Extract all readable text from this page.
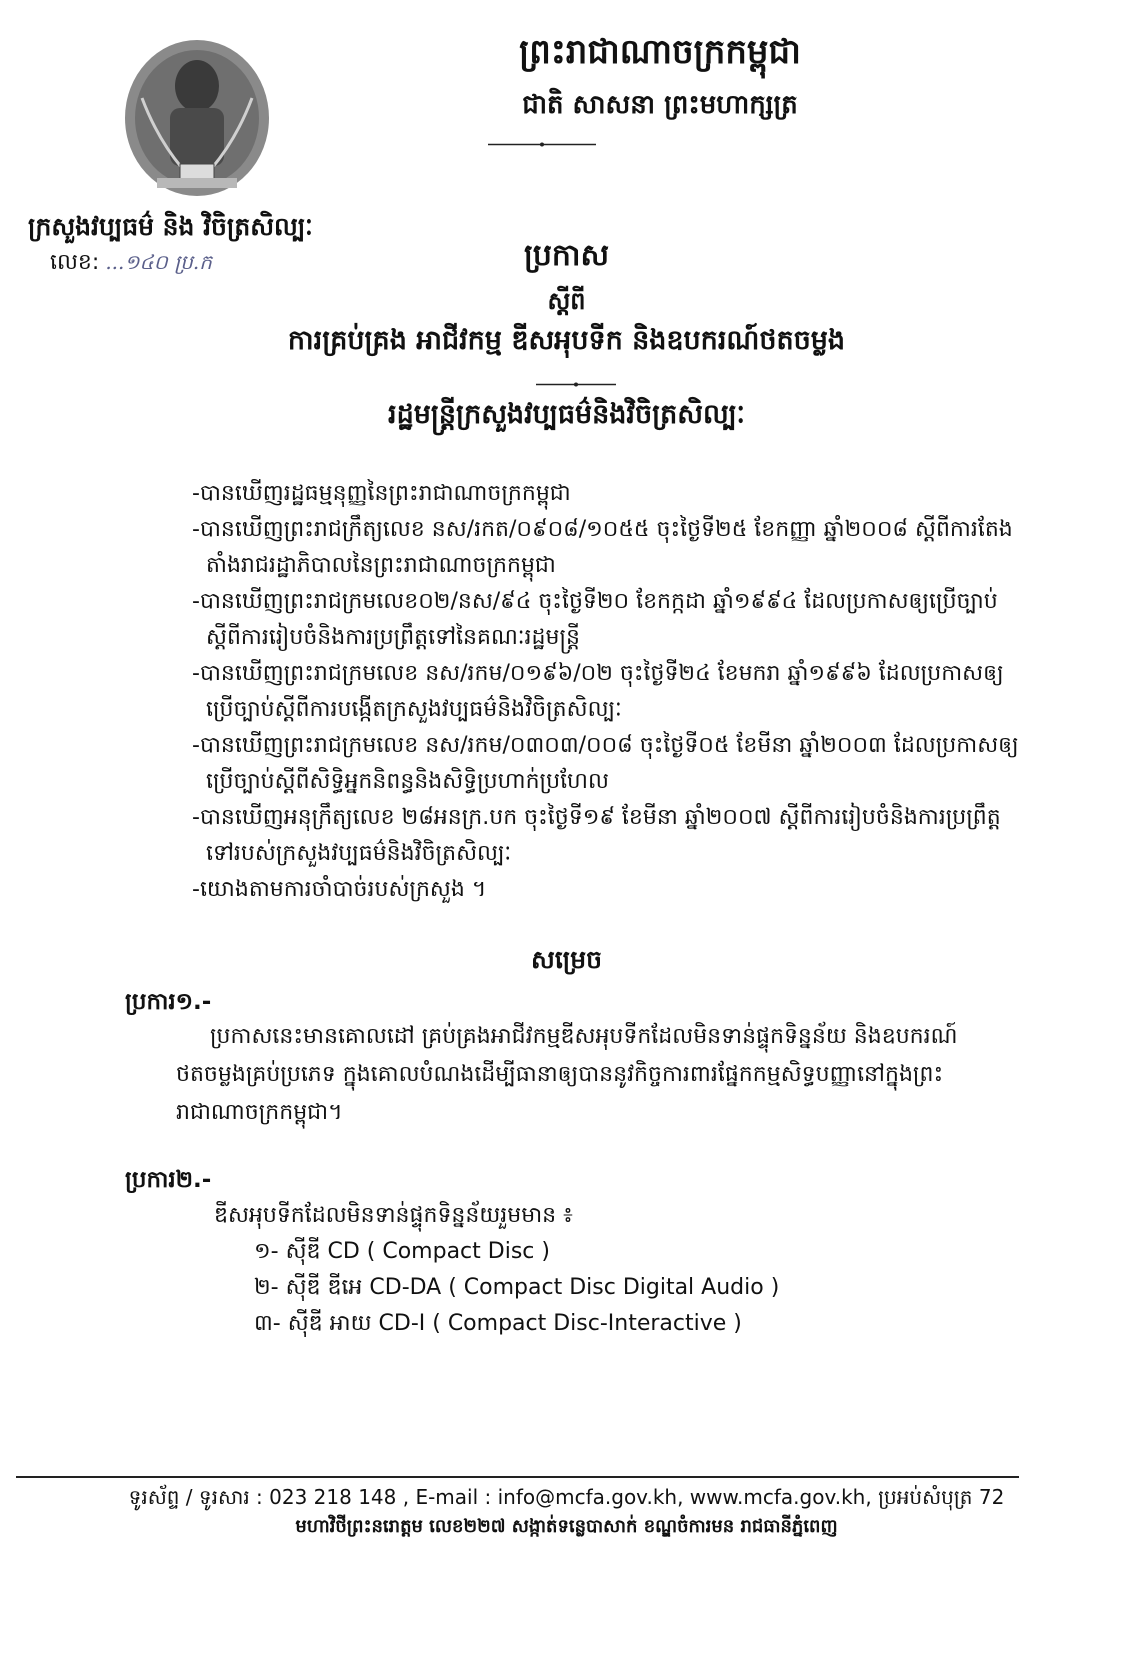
ព្រះរាជាណាចក្រកម្ពុជា
ជាតិ សាសនា ព្រះមហាក្សត្រ
ក្រសួងវប្បធម៌ និង វិចិត្រសិល្បៈ
លេខ: ...១៤០ ប្រ.ក	ប្រកាស
ស្តីពី
ការគ្រប់គ្រង អាជីវកម្ម ឌីសអុបទីក និងឧបករណ៍ថតចម្លង
រដ្ឋមន្ត្រីក្រសួងវប្បធម៌និងវិចិត្រសិល្បៈ

-បានឃើញរដ្ឋធម្មនុញ្ញនៃព្រះរាជាណាចក្រកម្ពុជា

-បានឃើញព្រះរាជក្រឹត្យលេខ នស/រកត/០៩០៨/១០៥៥ ចុះថ្ងៃទី២៥ ខែកញ្ញា ឆ្នាំ២០០៨ ស្តីពីការតែង

តាំងរាជរដ្ឋាភិបាលនៃព្រះរាជាណាចក្រកម្ពុជា

-បានឃើញព្រះរាជក្រមលេខ០២/នស/៩៤ ចុះថ្ងៃទី២០ ខែកក្កដា ឆ្នាំ១៩៩៤ ដែលប្រកាសឲ្យប្រើច្បាប់

ស្តីពីការរៀបចំនិងការប្រព្រឹត្តទៅនៃគណៈរដ្ឋមន្ត្រី

-បានឃើញព្រះរាជក្រមលេខ នស/រកម/០១៩៦/០២ ចុះថ្ងៃទី២៤ ខែមករា ឆ្នាំ១៩៩៦ ដែលប្រកាសឲ្យ

ប្រើច្បាប់ស្តីពីការបង្កើតក្រសួងវប្បធម៌និងវិចិត្រសិល្បៈ

-បានឃើញព្រះរាជក្រមលេខ នស/រកម/០៣០៣/០០៨ ចុះថ្ងៃទី០៥ ខែមីនា ឆ្នាំ២០០៣ ដែលប្រកាសឲ្យ

ប្រើច្បាប់ស្តីពីសិទ្ធិអ្នកនិពន្ធនិងសិទ្ធិប្រហាក់ប្រហែល

-បានឃើញអនុក្រឹត្យលេខ ២៨អនក្រ.បក ចុះថ្ងៃទី១៩ ខែមីនា ឆ្នាំ២០០៧ ស្តីពីការរៀបចំនិងការប្រព្រឹត្ត

ទៅរបស់ក្រសួងវប្បធម៌និងវិចិត្រសិល្បៈ

-យោងតាមការចាំបាច់របស់ក្រសួង ។

សម្រេច
ប្រការ១.-
ប្រកាសនេះមានគោលដៅ គ្រប់គ្រងអាជីវកម្មឌីសអុបទីកដែលមិនទាន់ផ្ទុកទិន្នន័យ និងឧបករណ៍
ថតចម្លងគ្រប់ប្រភេទ ក្នុងគោលបំណងដើម្បីធានាឲ្យបាននូវកិច្ចការពារផ្នែកកម្មសិទ្ធបញ្ញានៅក្នុងព្រះ
រាជាណាចក្រកម្ពុជា។
ប្រការ២.-
ឌីសអុបទីកដែលមិនទាន់ផ្ទុកទិន្នន័យរួមមាន ៖
១- ស៊ីឌី CD ( Compact Disc )
២- ស៊ីឌី ឌីអេ CD-DA ( Compact Disc Digital Audio )
៣- ស៊ីឌី អាយ CD-I ( Compact Disc-Interactive )
ទូរស័ព្ទ / ទូរសារ : 023 218 148 , E-mail : info@mcfa.gov.kh, www.mcfa.gov.kh, ប្រអប់សំបុត្រ 72
មហាវិថីព្រះនរោត្តម លេខ២២៧ សង្កាត់ទន្លេបាសាក់ ខណ្ឌចំការមន រាជធានីភ្នំពេញ
